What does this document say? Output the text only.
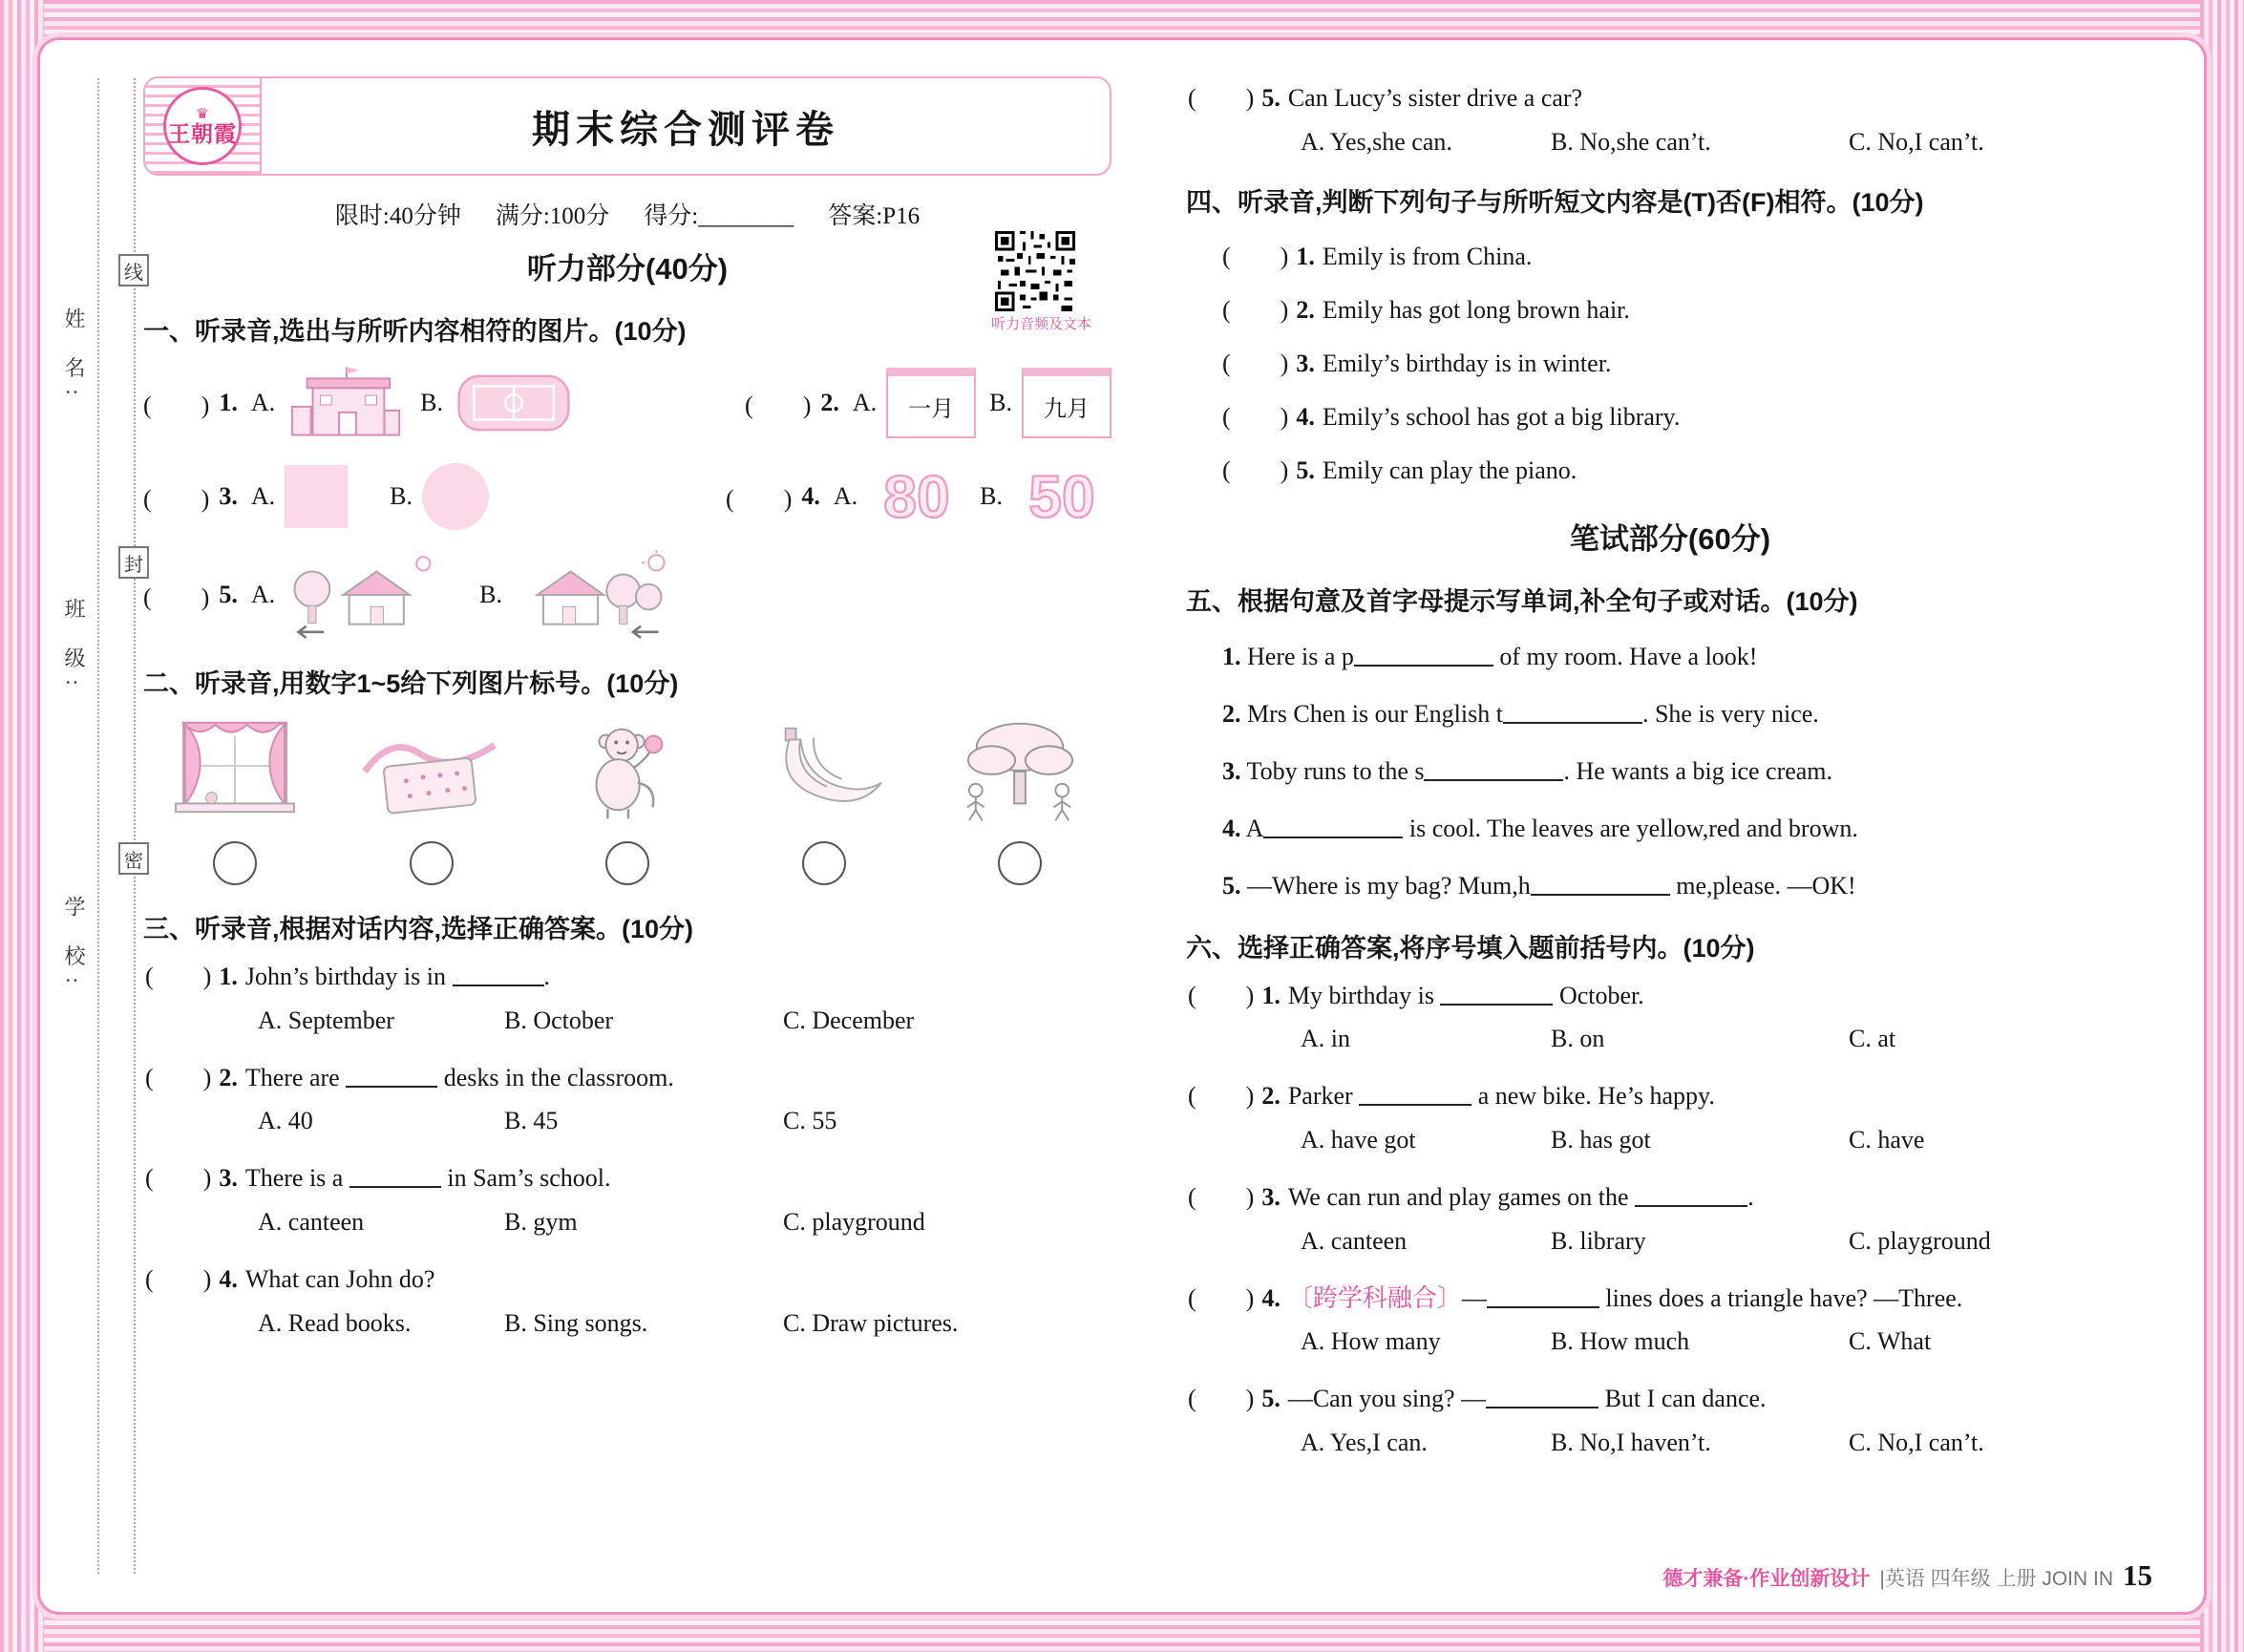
线
姓 名:
封
班 级:
密
学 校:
♛
王朝霞	期末综合测评卷
限时:40分钟 满分:100分 得分:________ 答案:P16
听力部分(40分)
听力音频及文本
一、听录音,选出与所听内容相符的图片。(10分)
(　　) 1. A.	B.	(　　) 2. A. 一月 B. 九月
(　　) 3. A.	B.	(　　) 4. A. 80 B. 50
(　　) 5. A.	B.
二、听录音,用数字1~5给下列图片标号。(10分)
三、听录音,根据对话内容,选择正确答案。(10分)
(　　) 1. John’s birthday is in	.
A. September	B. October	C. December
(　　) 2. There are	desks in the classroom.
A. 40	B. 45	C. 55
(　　) 3. There is a	in Sam’s school.
A. canteen	B. gym	C. playground
(　　) 4. What can John do?
A. Read books.	B. Sing songs.	C. Draw pictures.
(　　) 5. Can Lucy’s sister drive a car?
A. Yes,she can.	B. No,she can’t.	C. No,I can’t.
四、听录音,判断下列句子与所听短文内容是(T)否(F)相符。(10分)
(　　) 1. Emily is from China.
(　　) 2. Emily has got long brown hair.
(　　) 3. Emily’s birthday is in winter.
(　　) 4. Emily’s school has got a big library.
(　　) 5. Emily can play the piano.
笔试部分(60分)
五、根据句意及首字母提示写单词,补全句子或对话。(10分)
1. Here is a p	of my room. Have a look!
2. Mrs Chen is our English t	. She is very nice.
3. Toby runs to the s	. He wants a big ice cream.
4. A	is cool. The leaves are yellow,red and brown.
5. —Where is my bag? Mum,h	me,please. —OK!
六、选择正确答案,将序号填入题前括号内。(10分)
(　　) 1. My birthday is	October.
A. in	B. on	C. at
(　　) 2. Parker	a new bike. He’s happy.
A. have got	B. has got	C. have
(　　) 3. We can run and play games on the	.
A. canteen	B. library	C. playground
(　　) 4. 〔跨学科融合〕—	lines does a triangle have? —Three.
A. How many	B. How much	C. What
(　　) 5. —Can you sing? —	But I can dance.
A. Yes,I can.	B. No,I haven’t.	C. No,I can’t.
德才兼备·作业创新设计 |英语 四年级 上册 JOIN IN 15
